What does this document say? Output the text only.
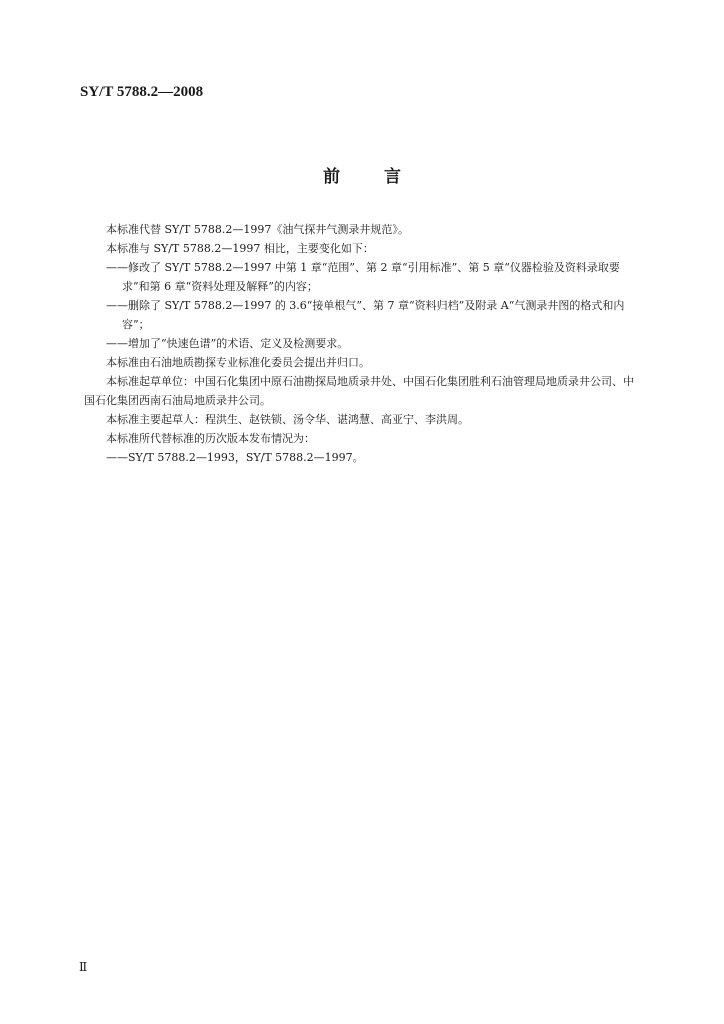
SY/T 5788.2—2008
前	言

本标准代替 SY/T 5788.2—1997《油气探井气测录井规范》。

本标准与 SY/T 5788.2—1997 相比，主要变化如下：

——修改了 SY/T 5788.2—1997 中第 1 章“范围”、第 2 章“引用标准”、第 5 章“仪器检验及资料录取要求”和第 6 章“资料处理及解释”的内容；

——删除了 SY/T 5788.2—1997 的 3.6“接单根气”、第 7 章“资料归档”及附录 A“气测录井图的格式和内容”；

——增加了“快速色谱”的术语、定义及检测要求。

本标准由石油地质勘探专业标准化委员会提出并归口。

本标准起草单位：中国石化集团中原石油勘探局地质录井处、中国石化集团胜利石油管理局地质录井公司、中国石化集团西南石油局地质录井公司。

本标准主要起草人：程洪生、赵铁锁、汤令华、谌鸿慧、高亚宁、李洪周。

本标准所代替标准的历次版本发布情况为：

——SY/T 5788.2—1993，SY/T 5788.2—1997。

Ⅱ
